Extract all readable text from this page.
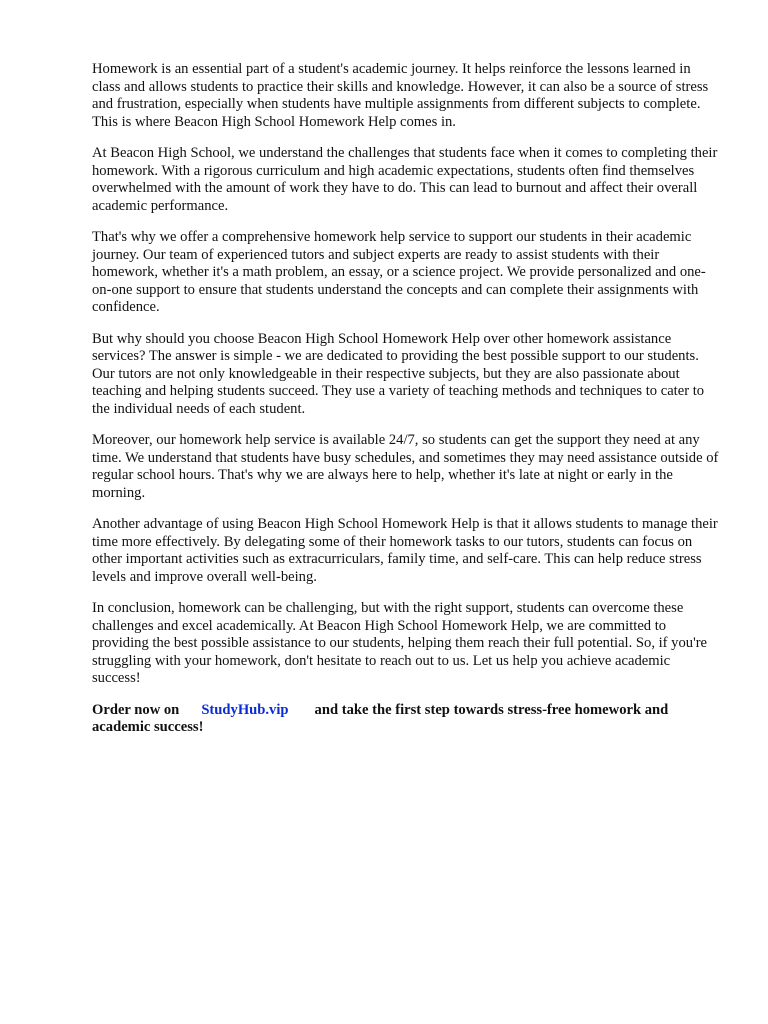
Homework is an essential part of a student's academic journey. It helps reinforce the lessons learned in class and allows students to practice their skills and knowledge. However, it can also be a source of stress and frustration, especially when students have multiple assignments from different subjects to complete. This is where Beacon High School Homework Help comes in.

At Beacon High School, we understand the challenges that students face when it comes to completing their homework. With a rigorous curriculum and high academic expectations, students often find themselves overwhelmed with the amount of work they have to do. This can lead to burnout and affect their overall academic performance.

That's why we offer a comprehensive homework help service to support our students in their academic journey. Our team of experienced tutors and subject experts are ready to assist students with their homework, whether it's a math problem, an essay, or a science project. We provide personalized and one-on-one support to ensure that students understand the concepts and can complete their assignments with confidence.

But why should you choose Beacon High School Homework Help over other homework assistance services? The answer is simple - we are dedicated to providing the best possible support to our students. Our tutors are not only knowledgeable in their respective subjects, but they are also passionate about teaching and helping students succeed. They use a variety of teaching methods and techniques to cater to the individual needs of each student.

Moreover, our homework help service is available 24/7, so students can get the support they need at any time. We understand that students have busy schedules, and sometimes they may need assistance outside of regular school hours. That's why we are always here to help, whether it's late at night or early in the morning.

Another advantage of using Beacon High School Homework Help is that it allows students to manage their time more effectively. By delegating some of their homework tasks to our tutors, students can focus on other important activities such as extracurriculars, family time, and self-care. This can help reduce stress levels and improve overall well-being.

In conclusion, homework can be challenging, but with the right support, students can overcome these challenges and excel academically. At Beacon High School Homework Help, we are committed to providing the best possible assistance to our students, helping them reach their full potential. So, if you're struggling with your homework, don't hesitate to reach out to us. Let us help you achieve academic success!

Order now on StudyHub.vip and take the first step towards stress-free homework and academic success!
